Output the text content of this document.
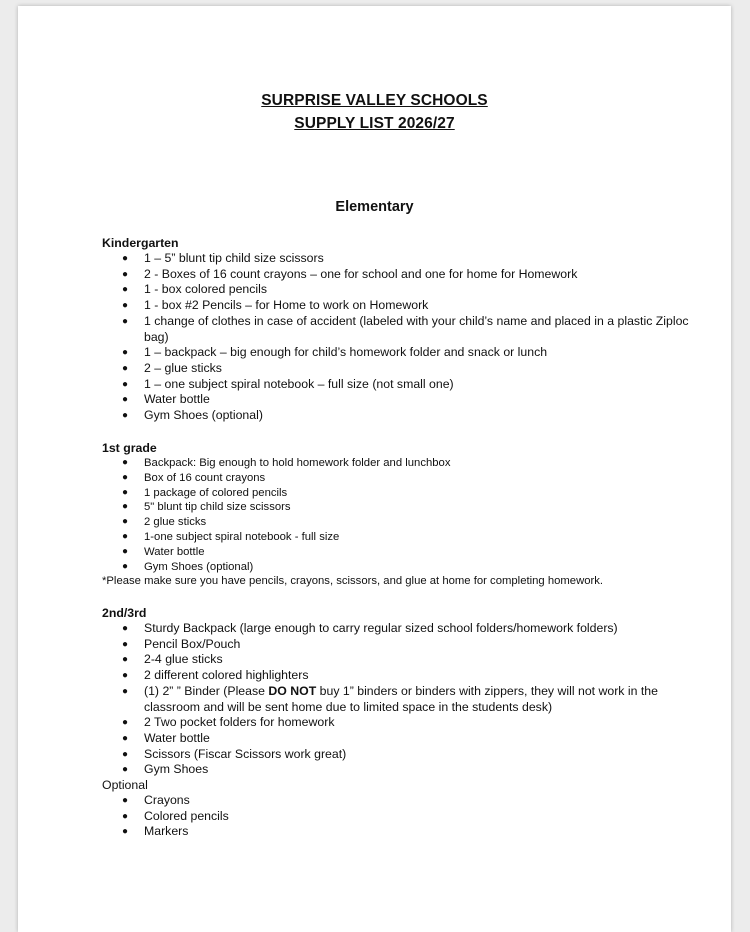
SURPRISE VALLEY SCHOOLS
SUPPLY LIST 2026/27
Elementary

Kindergarten

● 1 – 5” blunt tip child size scissors
● 2 - Boxes of 16 count crayons – one for school and one for home for Homework
● 1 - box colored pencils
● 1 - box #2 Pencils – for Home to work on Homework
● 1 change of clothes in case of accident (labeled with your child’s name and placed in a plastic Ziploc bag)
● 1 – backpack – big enough for child’s homework folder and snack or lunch
● 2 – glue sticks
● 1 – one subject spiral notebook – full size (not small one)
● Water bottle
● Gym Shoes (optional)

1st grade

● Backpack: Big enough to hold homework folder and lunchbox
● Box of 16 count crayons
● 1 package of colored pencils
● 5" blunt tip child size scissors
● 2 glue sticks
● 1-one subject spiral notebook - full size
● Water bottle
● Gym Shoes (optional)

*Please make sure you have pencils, crayons, scissors, and glue at home for completing homework.

2nd/3rd

● Sturdy Backpack (large enough to carry regular sized school folders/homework folders)
● Pencil Box/Pouch
● 2-4 glue sticks
● 2 different colored highlighters
● (1) 2” ” Binder (Please DO NOT buy 1” binders or binders with zippers, they will not work in the classroom and will be sent home due to limited space in the students desk)
● 2 Two pocket folders for homework
● Water bottle
● Scissors (Fiscar Scissors work great)
● Gym Shoes

Optional

● Crayons
● Colored pencils
● Markers
